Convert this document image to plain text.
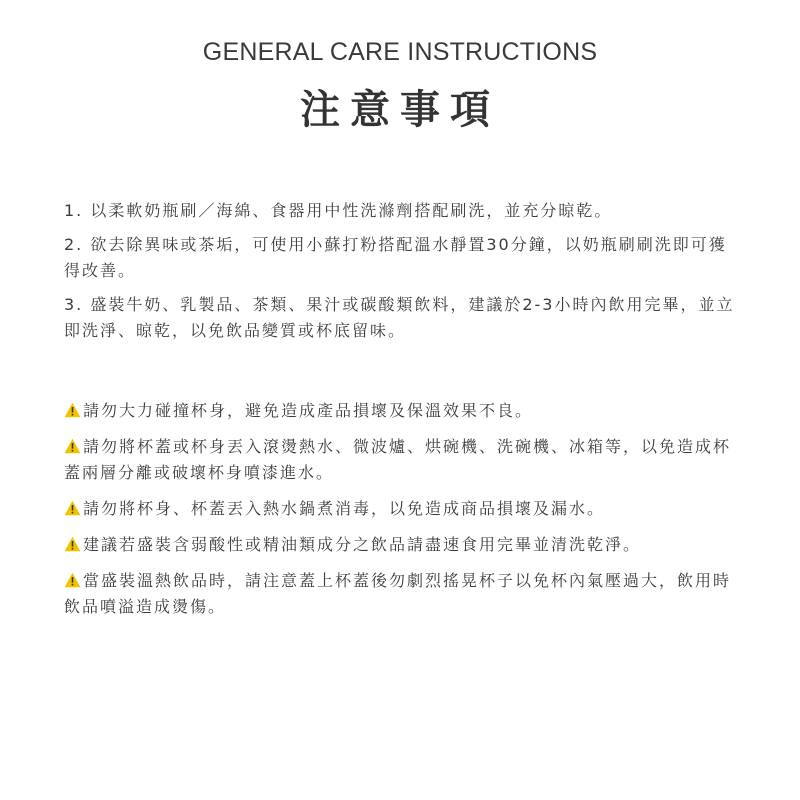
GENERAL CARE INSTRUCTIONS
注意事項

1. 以柔軟奶瓶刷／海綿、食器用中性洗滌劑搭配刷洗，並充分晾乾。

2. 欲去除異味或茶垢，可使用小蘇打粉搭配溫水靜置30分鐘，以奶瓶刷刷洗即可獲得改善。

3. 盛裝牛奶、乳製品、茶類、果汁或碳酸類飲料，建議於2-3小時內飲用完畢，並立即洗淨、晾乾，以免飲品變質或杯底留味。

請勿大力碰撞杯身，避免造成產品損壞及保溫效果不良。

請勿將杯蓋或杯身丟入滾燙熱水、微波爐、烘碗機、洗碗機、冰箱等，以免造成杯蓋兩層分離或破壞杯身噴漆進水。

請勿將杯身、杯蓋丟入熱水鍋煮消毒，以免造成商品損壞及漏水。

建議若盛裝含弱酸性或精油類成分之飲品請盡速食用完畢並清洗乾淨。

當盛裝溫熱飲品時，請注意蓋上杯蓋後勿劇烈搖晃杯子以免杯內氣壓過大，飲用時飲品噴溢造成燙傷。
